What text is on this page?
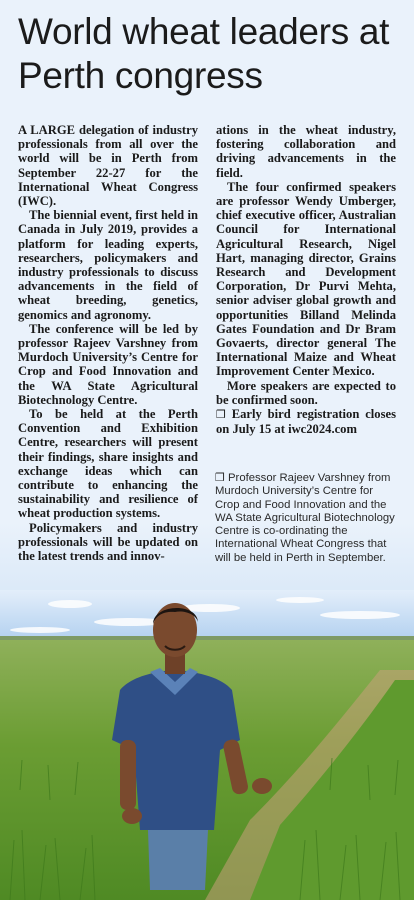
World wheat leaders at Perth congress

A LARGE delegation of industry professionals from all over the world will be in Perth from September 22-27 for the International Wheat Congress (IWC).

The biennial event, first held in Canada in July 2019, provides a platform for leading experts, researchers, policymakers and industry professionals to discuss advancements in the field of wheat breeding, genetics, genomics and agronomy.

The conference will be led by professor Rajeev Varshney from Murdoch University’s Centre for Crop and Food Innovation and the WA State Agricultural Biotechnology Centre.

To be held at the Perth Convention and Exhibition Centre, researchers will present their findings, share insights and exchange ideas which can contribute to enhancing the sustainability and resilience of wheat production systems.

Policymakers and industry professionals will be updated on the latest trends and innov-

ations in the wheat industry, fostering collaboration and driving advancements in the field.

The four confirmed speakers are professor Wendy Umberger, chief executive officer, Australian Council for International Agricultural Research, Nigel Hart, managing director, Grains Research and Development Corporation, Dr Purvi Mehta, senior adviser global growth and opportunities Billand Melinda Gates Foundation and Dr Bram Govaerts, director general The International Maize and Wheat Improvement Center Mexico.

More speakers are expected to be confirmed soon.

❒ Early bird registration closes on July 15 at iwc2024.com

❒ Professor Rajeev Varshney from Murdoch University’s Centre for Crop and Food Innovation and the WA State Agricultural Biotechnology Centre is co-ordinating the International Wheat Congress that will be held in Perth in September.
